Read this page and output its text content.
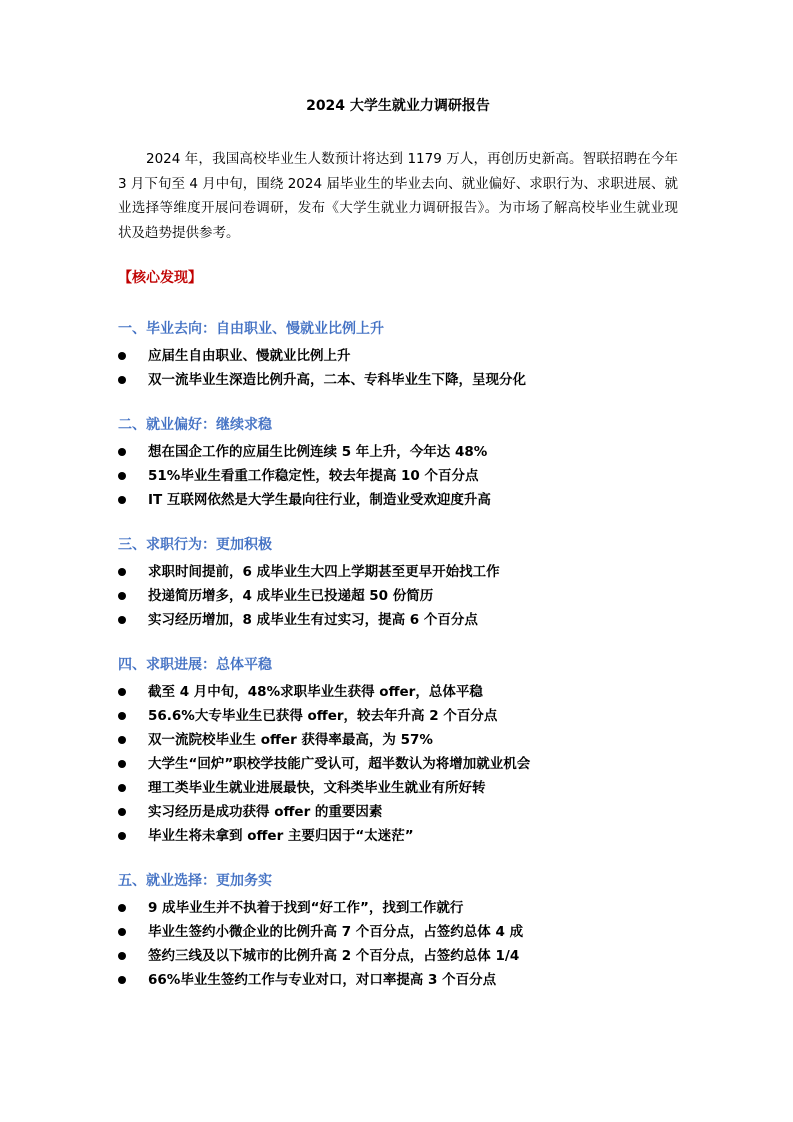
2024 大学生就业力调研报告

2024 年，我国高校毕业生人数预计将达到 1179 万人，再创历史新高。智联招聘在今年 3 月下旬至 4 月中旬，围绕 2024 届毕业生的毕业去向、就业偏好、求职行为、求职进展、就业选择等维度开展问卷调研，发布《大学生就业力调研报告》。为市场了解高校毕业生就业现状及趋势提供参考。

【核心发现】
一、毕业去向：自由职业、慢就业比例上升
应届生自由职业、慢就业比例上升
双一流毕业生深造比例升高，二本、专科毕业生下降，呈现分化
二、就业偏好：继续求稳
想在国企工作的应届生比例连续 5 年上升，今年达 48%
51%毕业生看重工作稳定性，较去年提高 10 个百分点
IT 互联网依然是大学生最向往行业，制造业受欢迎度升高
三、求职行为：更加积极
求职时间提前，6 成毕业生大四上学期甚至更早开始找工作
投递简历增多，4 成毕业生已投递超 50 份简历
实习经历增加，8 成毕业生有过实习，提高 6 个百分点
四、求职进展：总体平稳
截至 4 月中旬，48%求职毕业生获得 offer，总体平稳
56.6%大专毕业生已获得 offer，较去年升高 2 个百分点
双一流院校毕业生 offer 获得率最高，为 57%
大学生“回炉”职校学技能广受认可，超半数认为将增加就业机会
理工类毕业生就业进展最快，文科类毕业生就业有所好转
实习经历是成功获得 offer 的重要因素
毕业生将未拿到 offer 主要归因于“太迷茫”
五、就业选择：更加务实
9 成毕业生并不执着于找到“好工作”，找到工作就行
毕业生签约小微企业的比例升高 7 个百分点，占签约总体 4 成
签约三线及以下城市的比例升高 2 个百分点，占签约总体 1/4
66%毕业生签约工作与专业对口，对口率提高 3 个百分点
